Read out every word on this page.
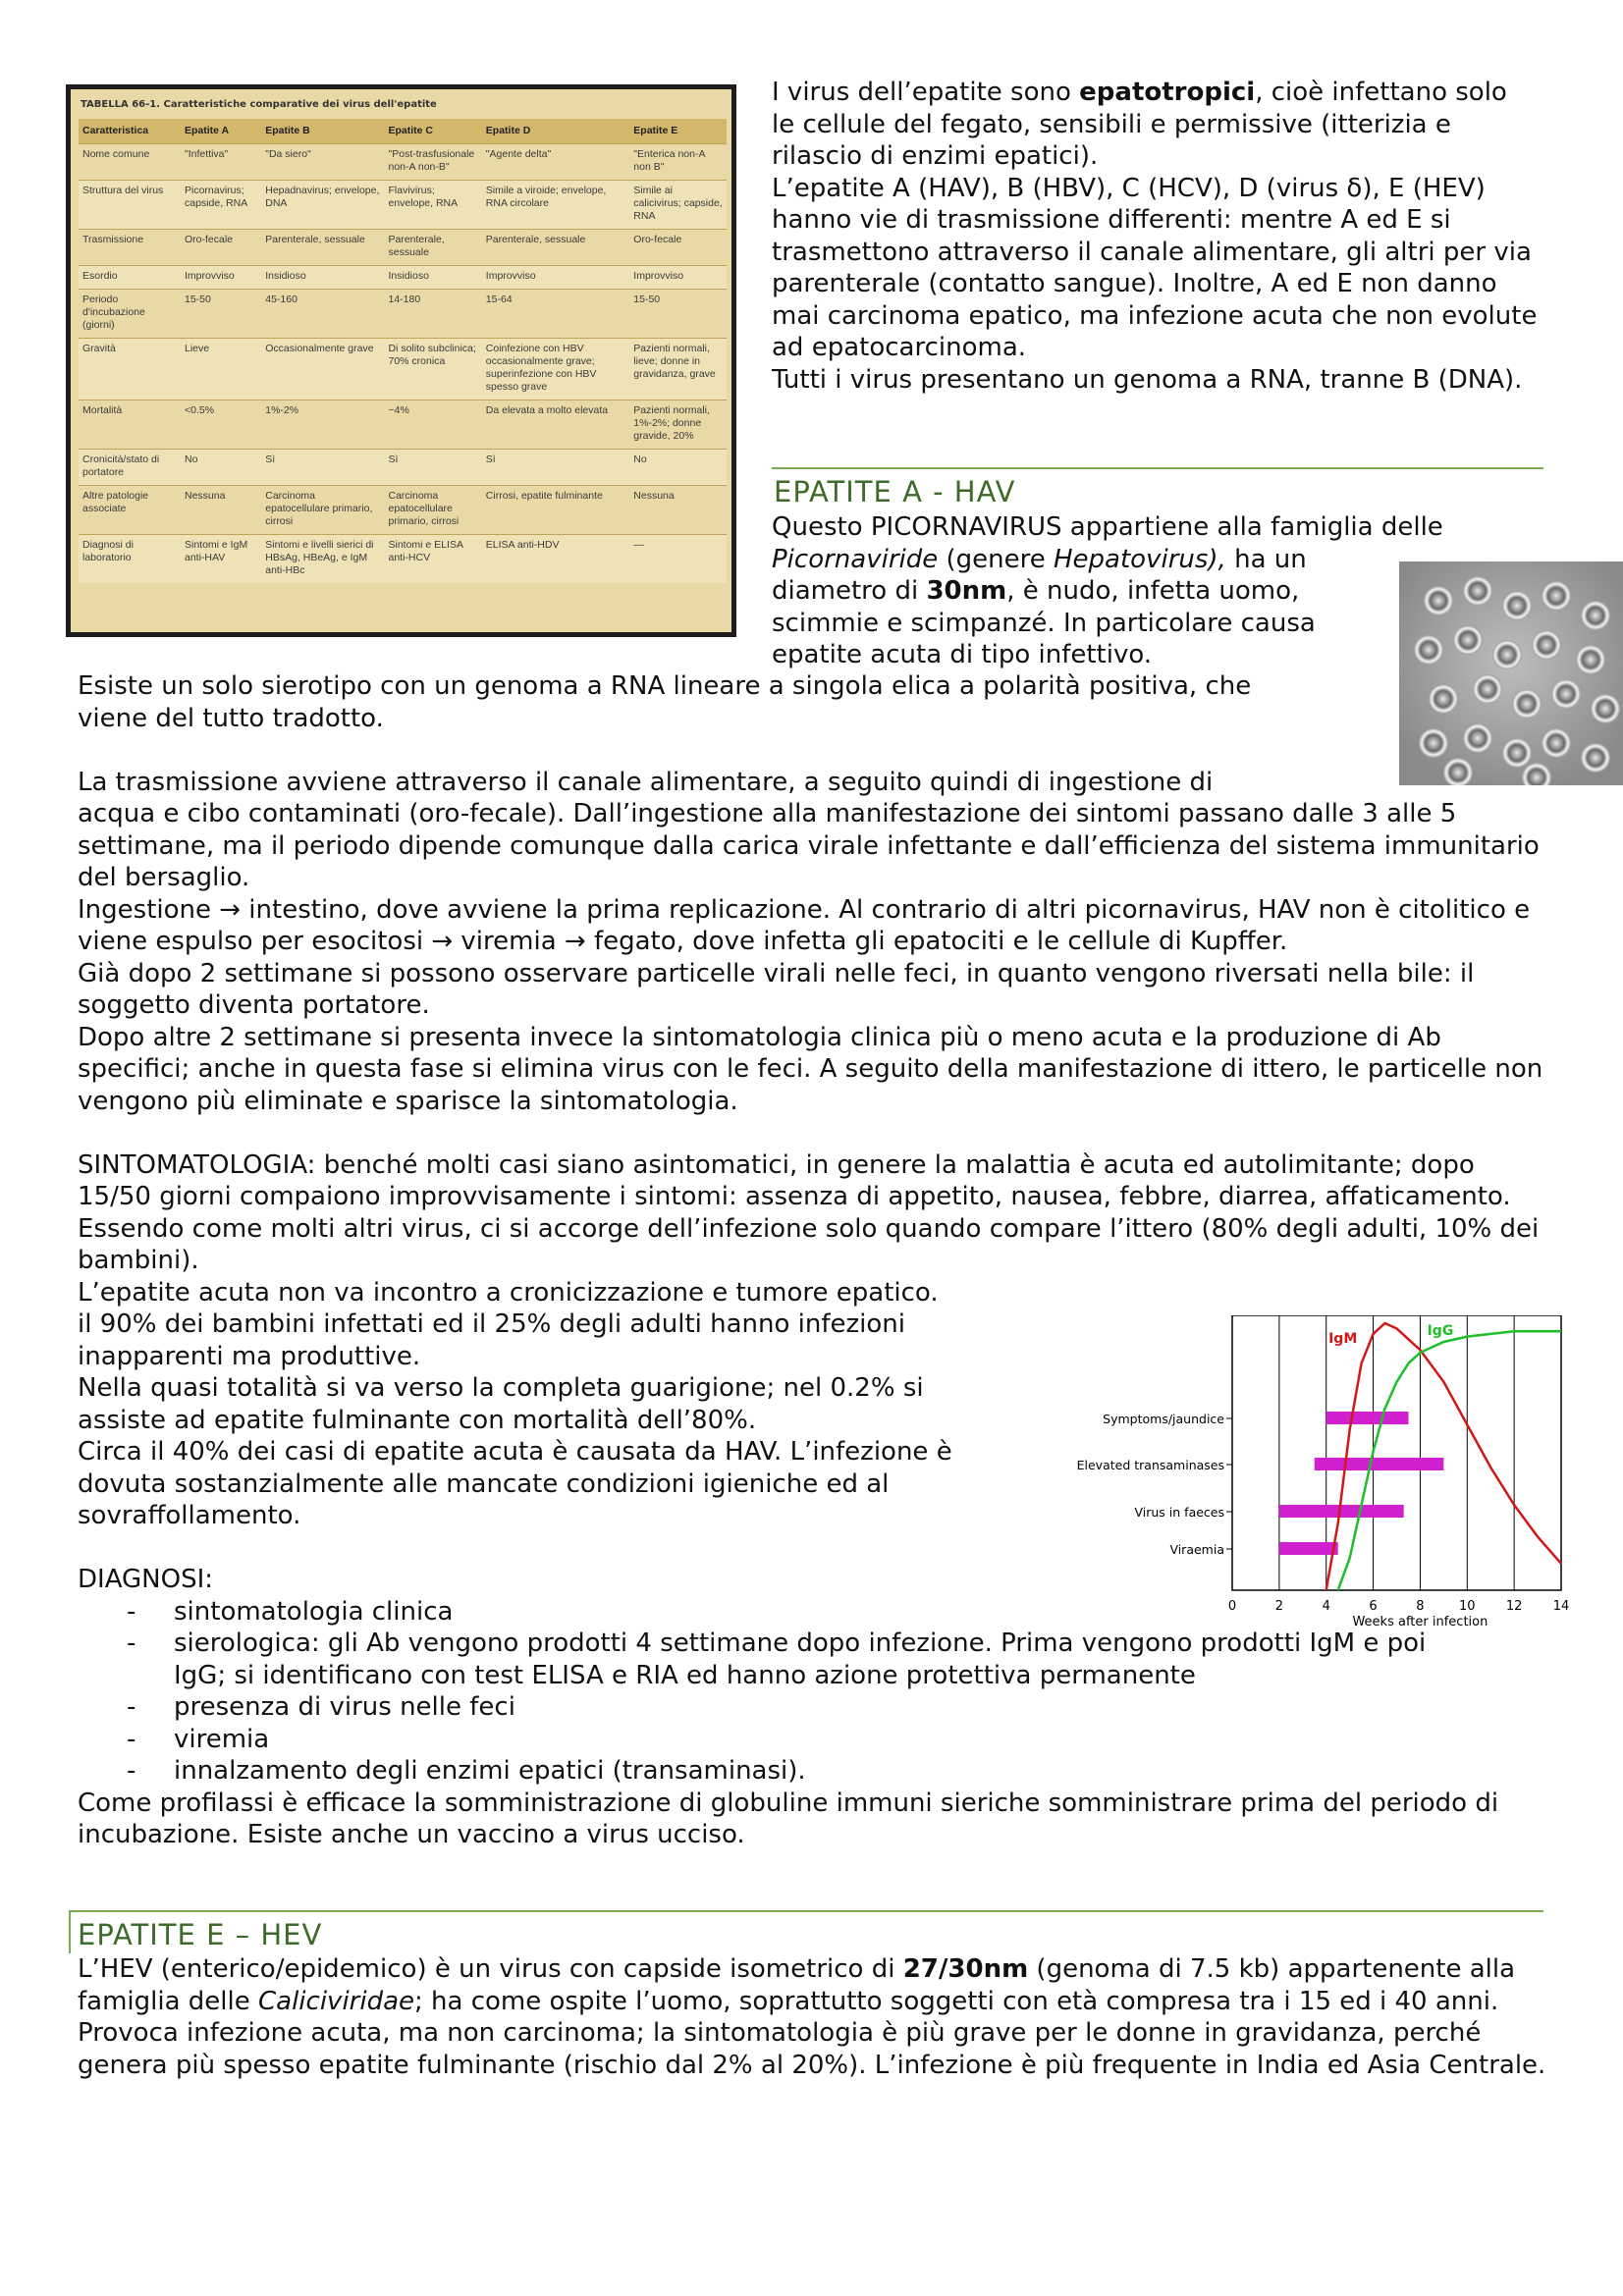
TABELLA 66-1. Caratteristiche comparative dei virus dell'epatite
Caratteristica	Epatite A	Epatite B	Epatite C	Epatite D	Epatite E
Nome comune	"Infettiva"	"Da siero"	"Post-trasfusionale non-A non-B"	"Agente delta"	"Enterica non-A non B"
Struttura del virus	Picornavirus; capside, RNA	Hepadnavirus; envelope, DNA	Flavivirus; envelope, RNA	Simile a viroide; envelope, RNA circolare	Simile ai calicivirus; capside, RNA
Trasmissione	Oro-fecale	Parenterale, sessuale	Parenterale, sessuale	Parenterale, sessuale	Oro-fecale
Esordio	Improvviso	Insidioso	Insidioso	Improvviso	Improvviso
Periodo d'incubazione (giorni)	15-50	45-160	14-180	15-64	15-50
Gravità	Lieve	Occasionalmente grave	Di solito subclinica; 70% cronica	Coinfezione con HBV occasionalmente grave; superinfezione con HBV spesso grave	Pazienti normali, lieve; donne in gravidanza, grave
Mortalità	<0.5%	1%-2%	~4%	Da elevata a molto elevata	Pazienti normali, 1%-2%; donne gravide, 20%
Cronicità/stato di portatore	No	Sì	Sì	Sì	No
Altre patologie associate	Nessuna	Carcinoma epatocellulare primario, cirrosi	Carcinoma epatocellulare primario, cirrosi	Cirrosi, epatite fulminante	Nessuna
Diagnosi di laboratorio	Sintomi e IgM anti-HAV	Sintomi e livelli sierici di HBsAg, HBeAg, e IgM anti-HBc	Sintomi e ELISA anti-HCV	ELISA anti-HDV	—

I virus dell’epatite sono epatotropici, cioè infettano solo le cellule del fegato, sensibili e permissive (itterizia e rilascio di enzimi epatici).

L’epatite A (HAV), B (HBV), C (HCV), D (virus δ), E (HEV) hanno vie di trasmissione differenti: mentre A ed E si trasmettono attraverso il canale alimentare, gli altri per via parenterale (contatto sangue). Inoltre, A ed E non danno mai carcinoma epatico, ma infezione acuta che non evolute ad epatocarcinoma.

Tutti i virus presentano un genoma a RNA, tranne B (DNA).

EPATITE A - HAV

Questo PICORNAVIRUS appartiene alla famiglia delle

Picornaviride (genere Hepatovirus), ha un

diametro di 30nm, è nudo, infetta uomo,

scimmie e scimpanzé. In particolare causa

epatite acuta di tipo infettivo.

Esiste un solo sierotipo con un genoma a RNA lineare a singola elica a polarità positiva, che

viene del tutto tradotto.

La trasmissione avviene attraverso il canale alimentare, a seguito quindi di ingestione di

acqua e cibo contaminati (oro-fecale). Dall’ingestione alla manifestazione dei sintomi passano dalle 3 alle 5 settimane, ma il periodo dipende comunque dalla carica virale infettante e dall’efficienza del sistema immunitario del bersaglio.

Ingestione → intestino, dove avviene la prima replicazione. Al contrario di altri picornavirus, HAV non è citolitico e viene espulso per esocitosi → viremia → fegato, dove infetta gli epatociti e le cellule di Kupffer.

Già dopo 2 settimane si possono osservare particelle virali nelle feci, in quanto vengono riversati nella bile: il soggetto diventa portatore.

Dopo altre 2 settimane si presenta invece la sintomatologia clinica più o meno acuta e la produzione di Ab specifici; anche in questa fase si elimina virus con le feci. A seguito della manifestazione di ittero, le particelle non vengono più eliminate e sparisce la sintomatologia.

SINTOMATOLOGIA: benché molti casi siano asintomatici, in genere la malattia è acuta ed autolimitante; dopo 15/50 giorni compaiono improvvisamente i sintomi: assenza di appetito, nausea, febbre, diarrea, affaticamento. Essendo come molti altri virus, ci si accorge dell’infezione solo quando compare l’ittero (80% degli adulti, 10% dei bambini).

L’epatite acuta non va incontro a cronicizzazione e tumore epatico.

il 90% dei bambini infettati ed il 25% degli adulti hanno infezioni

inapparenti ma produttive.

Nella quasi totalità si va verso la completa guarigione; nel 0.2% si

assiste ad epatite fulminante con mortalità dell’80%.

Circa il 40% dei casi di epatite acuta è causata da HAV. L’infezione è

dovuta sostanzialmente alle mancate condizioni igieniche ed al

sovraffollamento.

DIAGNOSI:

- sintomatologia clinica
- sierologica: gli Ab vengono prodotti 4 settimane dopo infezione. Prima vengono prodotti IgM e poi IgG; si identificano con test ELISA e RIA ed hanno azione protettiva permanente
- presenza di virus nelle feci
- viremia
- innalzamento degli enzimi epatici (transaminasi).

Come profilassi è efficace la somministrazione di globuline immuni sieriche somministrare prima del periodo di incubazione. Esiste anche un vaccino a virus ucciso.

0	2	4	6	8	10 12 14
Weeks after infection
Symptoms/jaundice
Elevated transaminases
Virus in faeces
Viraemia
IgM	IgG
EPATITE E – HEV

L’HEV (enterico/epidemico) è un virus con capside isometrico di 27/30nm (genoma di 7.5 kb) appartenente alla famiglia delle Caliciviridae; ha come ospite l’uomo, soprattutto soggetti con età compresa tra i 15 ed i 40 anni.

Provoca infezione acuta, ma non carcinoma; la sintomatologia è più grave per le donne in gravidanza, perché genera più spesso epatite fulminante (rischio dal 2% al 20%). L’infezione è più frequente in India ed Asia Centrale.
